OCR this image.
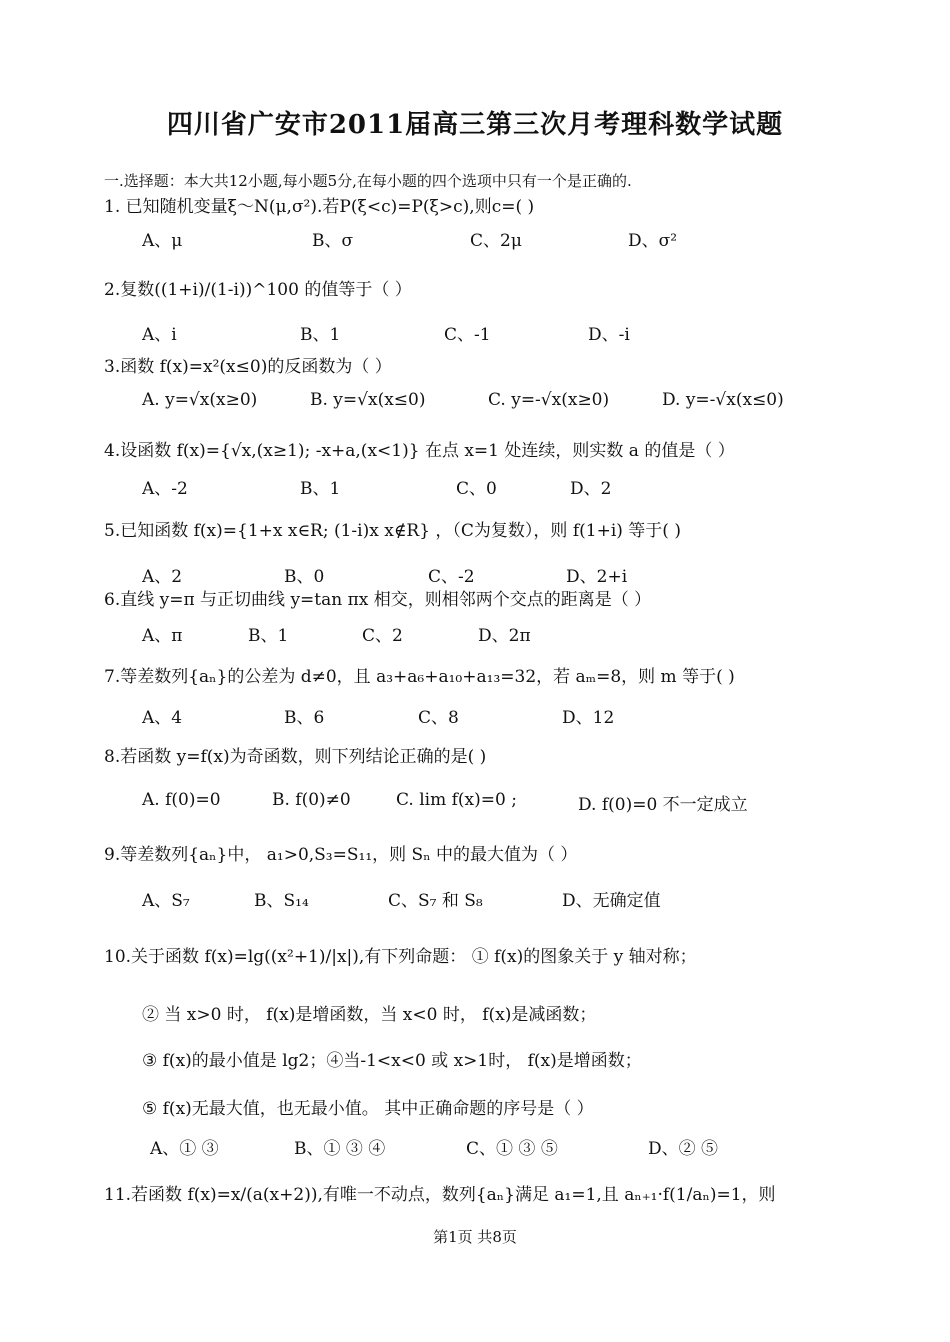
四川省广安市2011届高三第三次月考理科数学试题
一.选择题：本大共12小题,每小题5分,在每小题的四个选项中只有一个是正确的.
1. 已知随机变量ξ～N(μ,σ²).若P(ξ<c)=P(ξ>c),则c=( )
A、μ	B、σ	C、2μ	D、σ²
2.复数((1+i)/(1-i))^100 的值等于（ ）
A、i	B、1	C、-1	D、-i
3.函数 f(x)=x²(x≤0)的反函数为（ ）
A. y=√x(x≥0)	B. y=√x(x≤0)	C. y=-√x(x≥0)	D. y=-√x(x≤0)
4.设函数 f(x)={√x,(x≥1); -x+a,(x<1)} 在点 x=1 处连续，则实数 a 的值是（ ）
A、-2	B、1	C、0	D、2
5.已知函数 f(x)={1+x x∈R; (1-i)x x∉R} ，（C为复数），则 f(1+i) 等于( )
A、2	B、0	C、-2	D、2+i
6.直线 y=π 与正切曲线 y=tan πx 相交，则相邻两个交点的距离是（ ）
A、π	B、1	C、2	D、2π
7.等差数列{aₙ}的公差为 d≠0，且 a₃+a₆+a₁₀+a₁₃=32，若 aₘ=8，则 m 等于( )
A、4	B、6	C、8	D、12
8.若函数 y=f(x)为奇函数，则下列结论正确的是( )
A. f(0)=0	B. f(0)≠0	C. lim f(x)=0 ;	D. f(0)=0 不一定成立
9.等差数列{aₙ}中， a₁>0,S₃=S₁₁，则 Sₙ 中的最大值为（ ）
A、S₇	B、S₁₄	C、S₇ 和 S₈	D、无确定值
10.关于函数 f(x)=lg((x²+1)/|x|),有下列命题： ① f(x)的图象关于 y 轴对称；
② 当 x>0 时， f(x)是增函数，当 x<0 时， f(x)是减函数；
③ f(x)的最小值是 lg2；④当-1<x<0 或 x>1时， f(x)是增函数；
⑤ f(x)无最大值，也无最小值。 其中正确命题的序号是（ ）
A、① ③	B、① ③ ④	C、① ③ ⑤	D、② ⑤
11.若函数 f(x)=x/(a(x+2)),有唯一不动点，数列{aₙ}满足 a₁=1,且 aₙ₊₁·f(1/aₙ)=1，则
第1页 共8页
